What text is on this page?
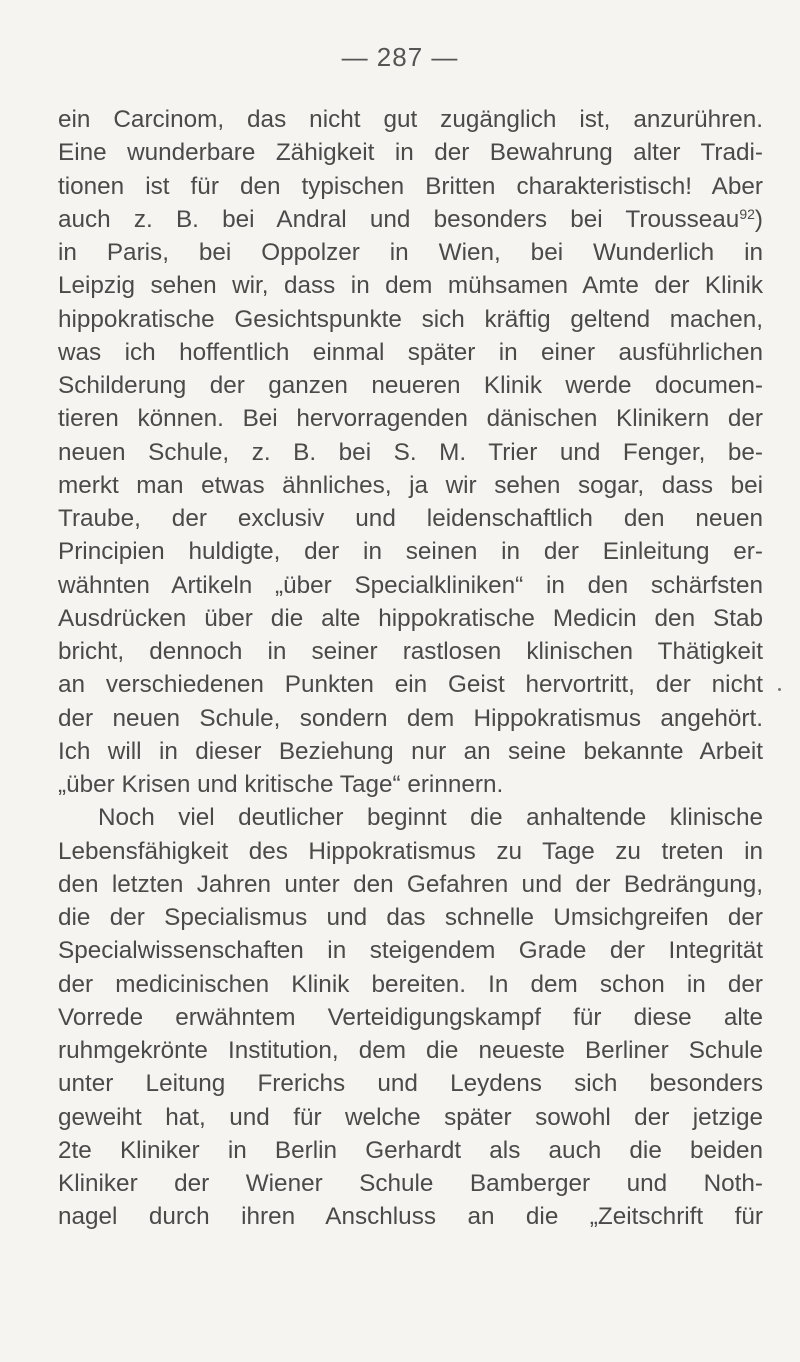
— 287 —
ein Carcinom, das nicht gut zugänglich ist, anzurühren.
Eine wunderbare Zähigkeit in der Bewahrung alter Tradi-
tionen ist für den typischen Britten charakteristisch! Aber
auch z. B. bei Andral und besonders bei Trousseau$^{92}$)
in Paris, bei Oppolzer in Wien, bei Wunderlich in
Leipzig sehen wir, dass in dem mühsamen Amte der Klinik
hippokratische Gesichtspunkte sich kräftig geltend machen,
was ich hoffentlich einmal später in einer ausführlichen
Schilderung der ganzen neueren Klinik werde documen-
tieren können. Bei hervorragenden dänischen Klinikern der
neuen Schule, z. B. bei S. M. Trier und Fenger, be-
merkt man etwas ähnliches, ja wir sehen sogar, dass bei
Traube, der exclusiv und leidenschaftlich den neuen
Principien huldigte, der in seinen in der Einleitung er-
wähnten Artikeln „über Specialkliniken“ in den schärfsten
Ausdrücken über die alte hippokratische Medicin den Stab
bricht, dennoch in seiner rastlosen klinischen Thätigkeit
an verschiedenen Punkten ein Geist hervortritt, der nicht
der neuen Schule, sondern dem Hippokratismus angehört.
Ich will in dieser Beziehung nur an seine bekannte Arbeit
„über Krisen und kritische Tage“ erinnern.
Noch viel deutlicher beginnt die anhaltende klinische
Lebensfähigkeit des Hippokratismus zu Tage zu treten in
den letzten Jahren unter den Gefahren und der Bedrängung,
die der Specialismus und das schnelle Umsichgreifen der
Specialwissenschaften in steigendem Grade der Integrität
der medicinischen Klinik bereiten. In dem schon in der
Vorrede erwähntem Verteidigungskampf für diese alte
ruhmgekrönte Institution, dem die neueste Berliner Schule
unter Leitung Frerichs und Leydens sich besonders
geweiht hat, und für welche später sowohl der jetzige
2te Kliniker in Berlin Gerhardt als auch die beiden
Kliniker der Wiener Schule Bamberger und Noth-
nagel durch ihren Anschluss an die „Zeitschrift für
